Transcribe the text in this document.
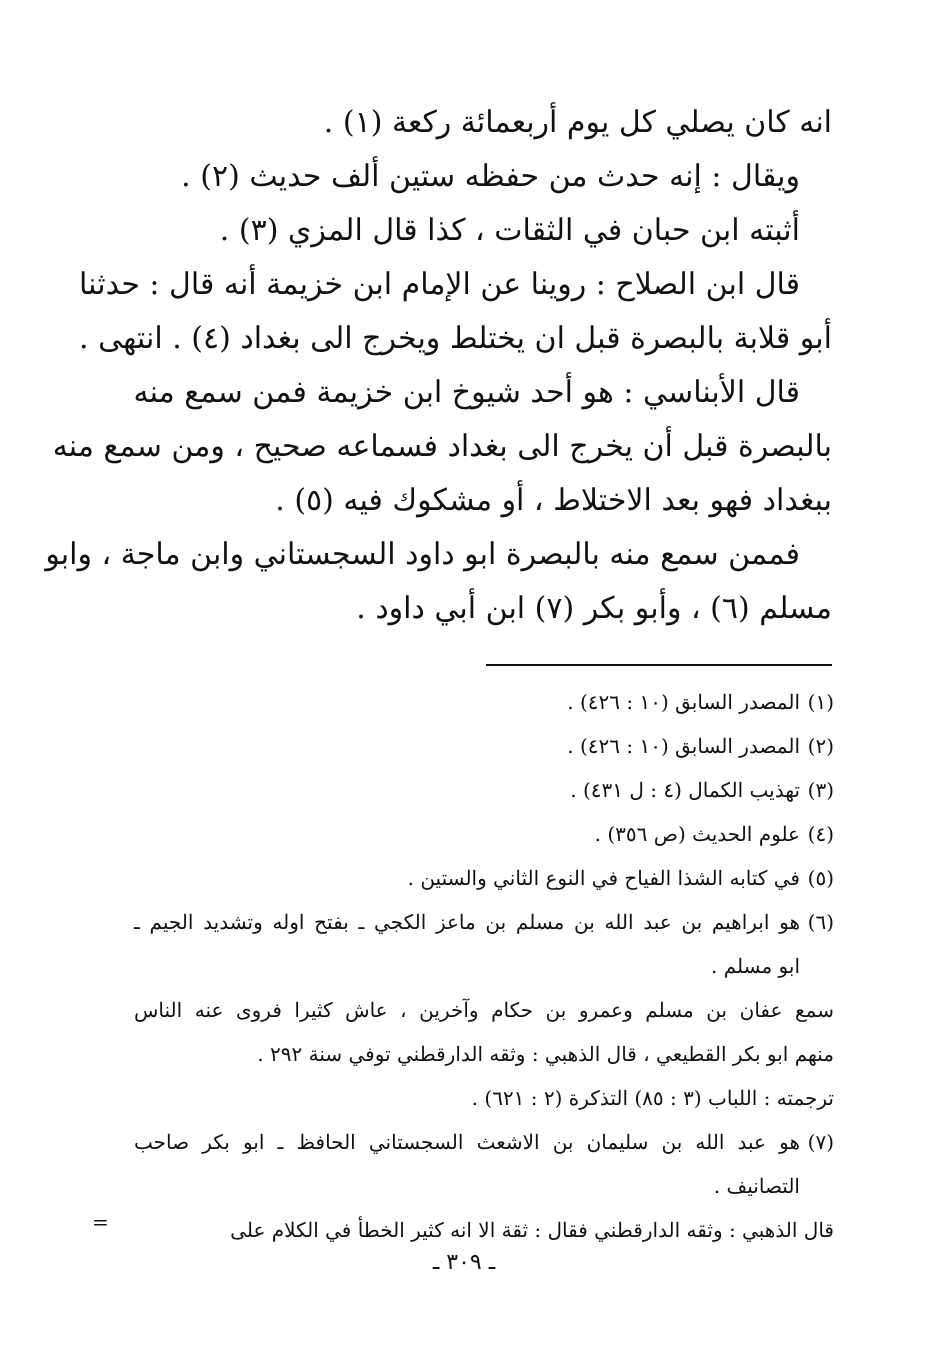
انه كان يصلي كل يوم أربعمائة ركعة (١) .
ويقال : إنه حدث من حفظه ستين ألف حديث (٢) .
أثبته ابن حبان في الثقات ، كذا قال المزي (٣) .
قال ابن الصلاح : روينا عن الإمام ابن خزيمة أنه قال : حدثنا
أبو قلابة بالبصرة قبل ان يختلط ويخرج الى بغداد (٤) . انتهى .
قال الأبناسي : هو أحد شيوخ ابن خزيمة فمن سمع منه
بالبصرة قبل أن يخرج الى بغداد فسماعه صحيح ، ومن سمع منه
ببغداد فهو بعد الاختلاط ، أو مشكوك فيه (٥) .
فممن سمع منه بالبصرة ابو داود السجستاني وابن ماجة ، وابو
مسلم (٦) ، وأبو بكر (٧) ابن أبي داود .
(١)المصدر السابق (١٠ : ٤٢٦) .
(٢)المصدر السابق (١٠ : ٤٢٦) .
(٣)تهذيب الكمال (٤ : ل ٤٣١) .
(٤)علوم الحديث (ص ٣٥٦) .
(٥)في كتابه الشذا الفياح في النوع الثاني والستين .
(٦)هو ابراهيم بن عبد الله بن مسلم بن ماعز الكجي ـ بفتح اوله وتشديد الجيم ـ
ابو مسلم .
سمع عفان بن مسلم وعمرو بن حكام وآخرين ، عاش كثيرا فروى عنه الناس
منهم ابو بكر القطيعي ، قال الذهبي : وثقه الدارقطني توفي سنة ٢٩٢ .
ترجمته : اللباب (٣ : ٨٥) التذكرة (٢ : ٦٢١) .
(٧)هو عبد الله بن سليمان بن الاشعث السجستاني الحافظ ـ ابو بكر صاحب
التصانيف .
قال الذهبي : وثقه الدارقطني فقال : ثقة الا انه كثير الخطأ في الكلام على
=
ـ ٣٠٩ ـ
